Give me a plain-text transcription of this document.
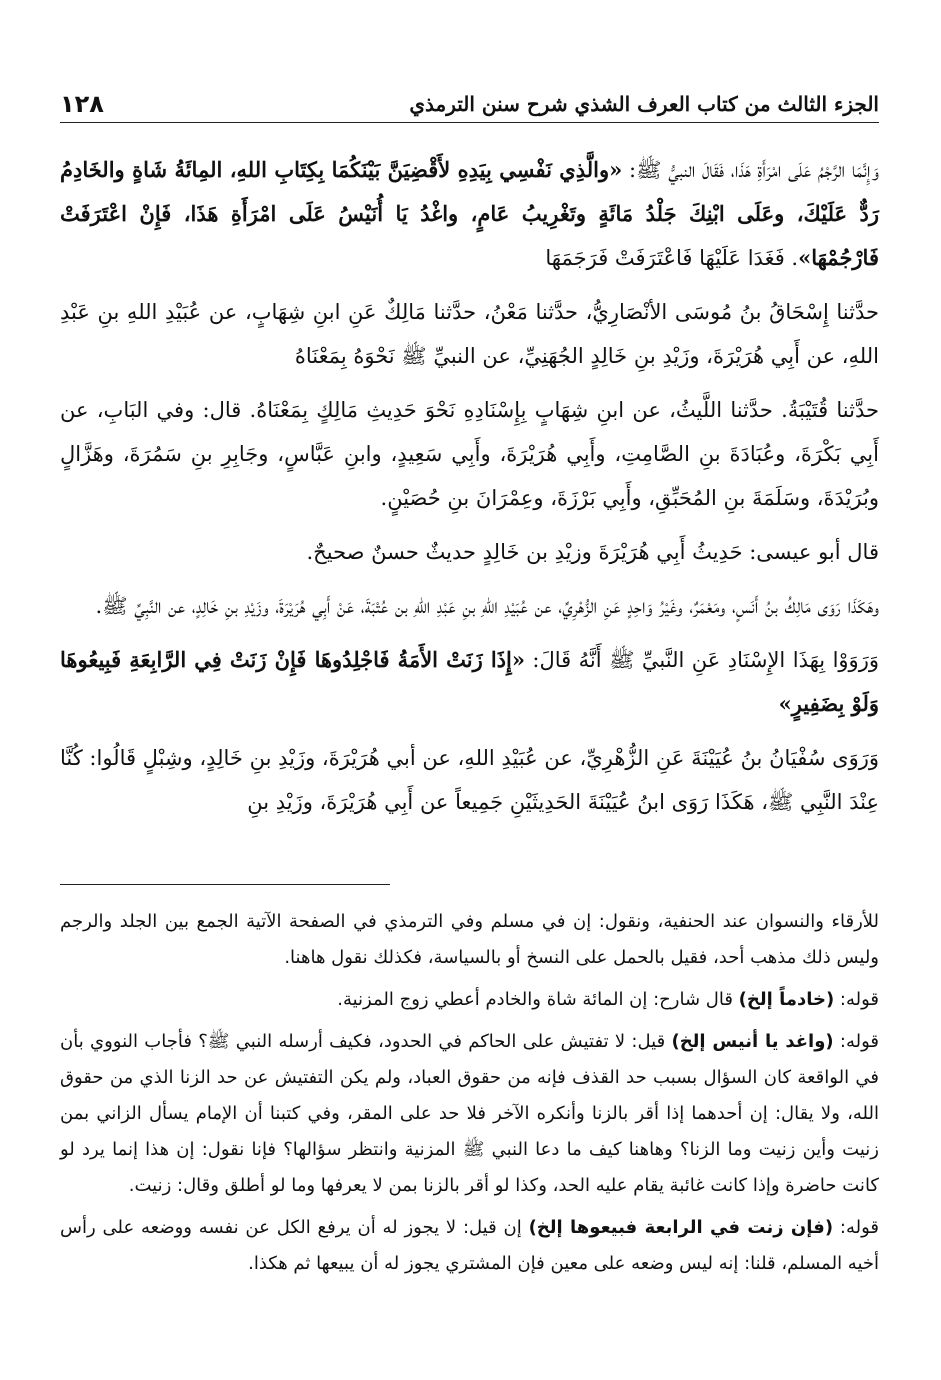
الجزء الثالث من كتاب العرف الشذي شرح سنن الترمذي
١٢٨

وَإِنَّمَا الرَّجْمُ عَلَى امْرَأَةِ هَذَا، فَقَالَ النبيُّ ﷺ: «والَّذِي نَفْسِي بِيَدِهِ لأَقْضِيَنَّ بَيْنَكُمَا بِكِتَابِ اللهِ، المِائَةُ شَاةٍ والخَادِمُ رَدٌّ عَلَيْكَ، وعَلَى ابْنِكَ جَلْدُ مَائَةٍ وتَغْرِيبُ عَامٍ، واغْدُ يَا أُنَيْسُ عَلَى امْرَأَةِ هَذَا، فَإِنْ اعْتَرَفَتْ فَارْجُمْهَا». فَغَدَا عَلَيْهَا فَاعْتَرَفَتْ فَرَجَمَهَا

حدَّثنا إِسْحَاقُ بنُ مُوسَى الأنْصَارِيُّ، حدَّثنا مَعْنُ، حدَّثنا مَالِكٌ عَنِ ابنِ شِهَابٍ، عن عُبَيْدِ اللهِ بنِ عَبْدِ اللهِ، عن أَبِي هُرَيْرَةَ، وزَيْدِ بنِ خَالِدٍ الجُهَنِيِّ، عن النبيِّ ﷺ نَحْوَهُ بِمَعْنَاهُ

حدَّثنا قُتَيْبَةُ. حدَّثنا اللَّيثُ، عن ابنِ شِهَابٍ بِإِسْنَادِهِ نَحْوَ حَدِيثِ مَالِكٍ بِمَعْنَاهُ. قال: وفي البَابِ، عن أَبِي بَكْرَةَ، وعُبَادَةَ بنِ الصَّامِتِ، وأَبِي هُرَيْرَةَ، وأَبِي سَعِيدٍ، وابنِ عَبَّاسٍ، وجَابِرِ بنِ سَمُرَةَ، وهَزَّالٍ وبُرَيْدَةَ، وسَلَمَةَ بنِ المُحَبِّقِ، وأَبِي بَرْزَةَ، وعِمْرَانَ بنِ حُصَيْنٍ.

قال أبو عيسى: حَدِيثُ أَبِي هُرَيْرَةَ وزيْدِ بن خَالِدٍ حديثٌ حسنٌ صحيحٌ.

وهَكَذَا رَوَى مَالِكُ بنُ أَنَسٍ، ومَعْمَرٌ، وغَيْرُ وَاحِدٍ عَنِ الزُّهْرِيِّ، عن عُبَيْدِ اللهِ بنِ عَبْدِ اللهِ بن عُتْبَةَ، عَنْ أَبِي هُرَيْرَةَ، وزَيْدِ بنِ خَالِدٍ، عن النَّبِيِّ ﷺ.

وَرَوَوْا بِهَذَا الإِسْنَادِ عَنِ النَّبيِّ ﷺ أَنَّهُ قَالَ: «إِذَا زَنَتْ الأَمَةُ فَاجْلِدُوهَا فَإِنْ زَنَتْ فِي الرَّابِعَةِ فَبِيعُوهَا وَلَوْ بِضَفِيرٍ»

وَرَوَى سُفْيَانُ بنُ عُيَيْنَةَ عَنِ الزُّهْرِيِّ، عن عُبَيْدِ اللهِ، عن أبي هُرَيْرَةَ، وزَيْدِ بنِ خَالِدٍ، وشِبْلٍ قَالُوا: كُنَّا عِنْدَ النَّبِي ﷺ، هَكَذَا رَوَى ابنُ عُيَيْنَةَ الحَدِيثَيْنِ جَمِيعاً عن أَبِي هُرَيْرَةَ، وزَيْدِ بنِ

للأرقاء والنسوان عند الحنفية، ونقول: إن في مسلم وفي الترمذي في الصفحة الآتية الجمع بين الجلد والرجم وليس ذلك مذهب أحد، فقيل بالحمل على النسخ أو بالسياسة، فكذلك نقول هاهنا.

قوله: (خادماً إلخ) قال شارح: إن المائة شاة والخادم أعطي زوج المزنية.

قوله: (واغد يا أنيس إلخ) قيل: لا تفتيش على الحاكم في الحدود، فكيف أرسله النبي ﷺ؟ فأجاب النووي بأن في الواقعة كان السؤال بسبب حد القذف فإنه من حقوق العباد، ولم يكن التفتيش عن حد الزنا الذي من حقوق الله، ولا يقال: إن أحدهما إذا أقر بالزنا وأنكره الآخر فلا حد على المقر، وفي كتبنا أن الإمام يسأل الزاني بمن زنيت وأين زنيت وما الزنا؟ وهاهنا كيف ما دعا النبي ﷺ المزنية وانتظر سؤالها؟ فإنا نقول: إن هذا إنما يرد لو كانت حاضرة وإذا كانت غائبة يقام عليه الحد، وكذا لو أقر بالزنا بمن لا يعرفها وما لو أطلق وقال: زنيت.

قوله: (فإن زنت في الرابعة فبيعوها إلخ) إن قيل: لا يجوز له أن يرفع الكل عن نفسه ووضعه على رأس أخيه المسلم، قلنا: إنه ليس وضعه على معين فإن المشتري يجوز له أن يبيعها ثم هكذا.
